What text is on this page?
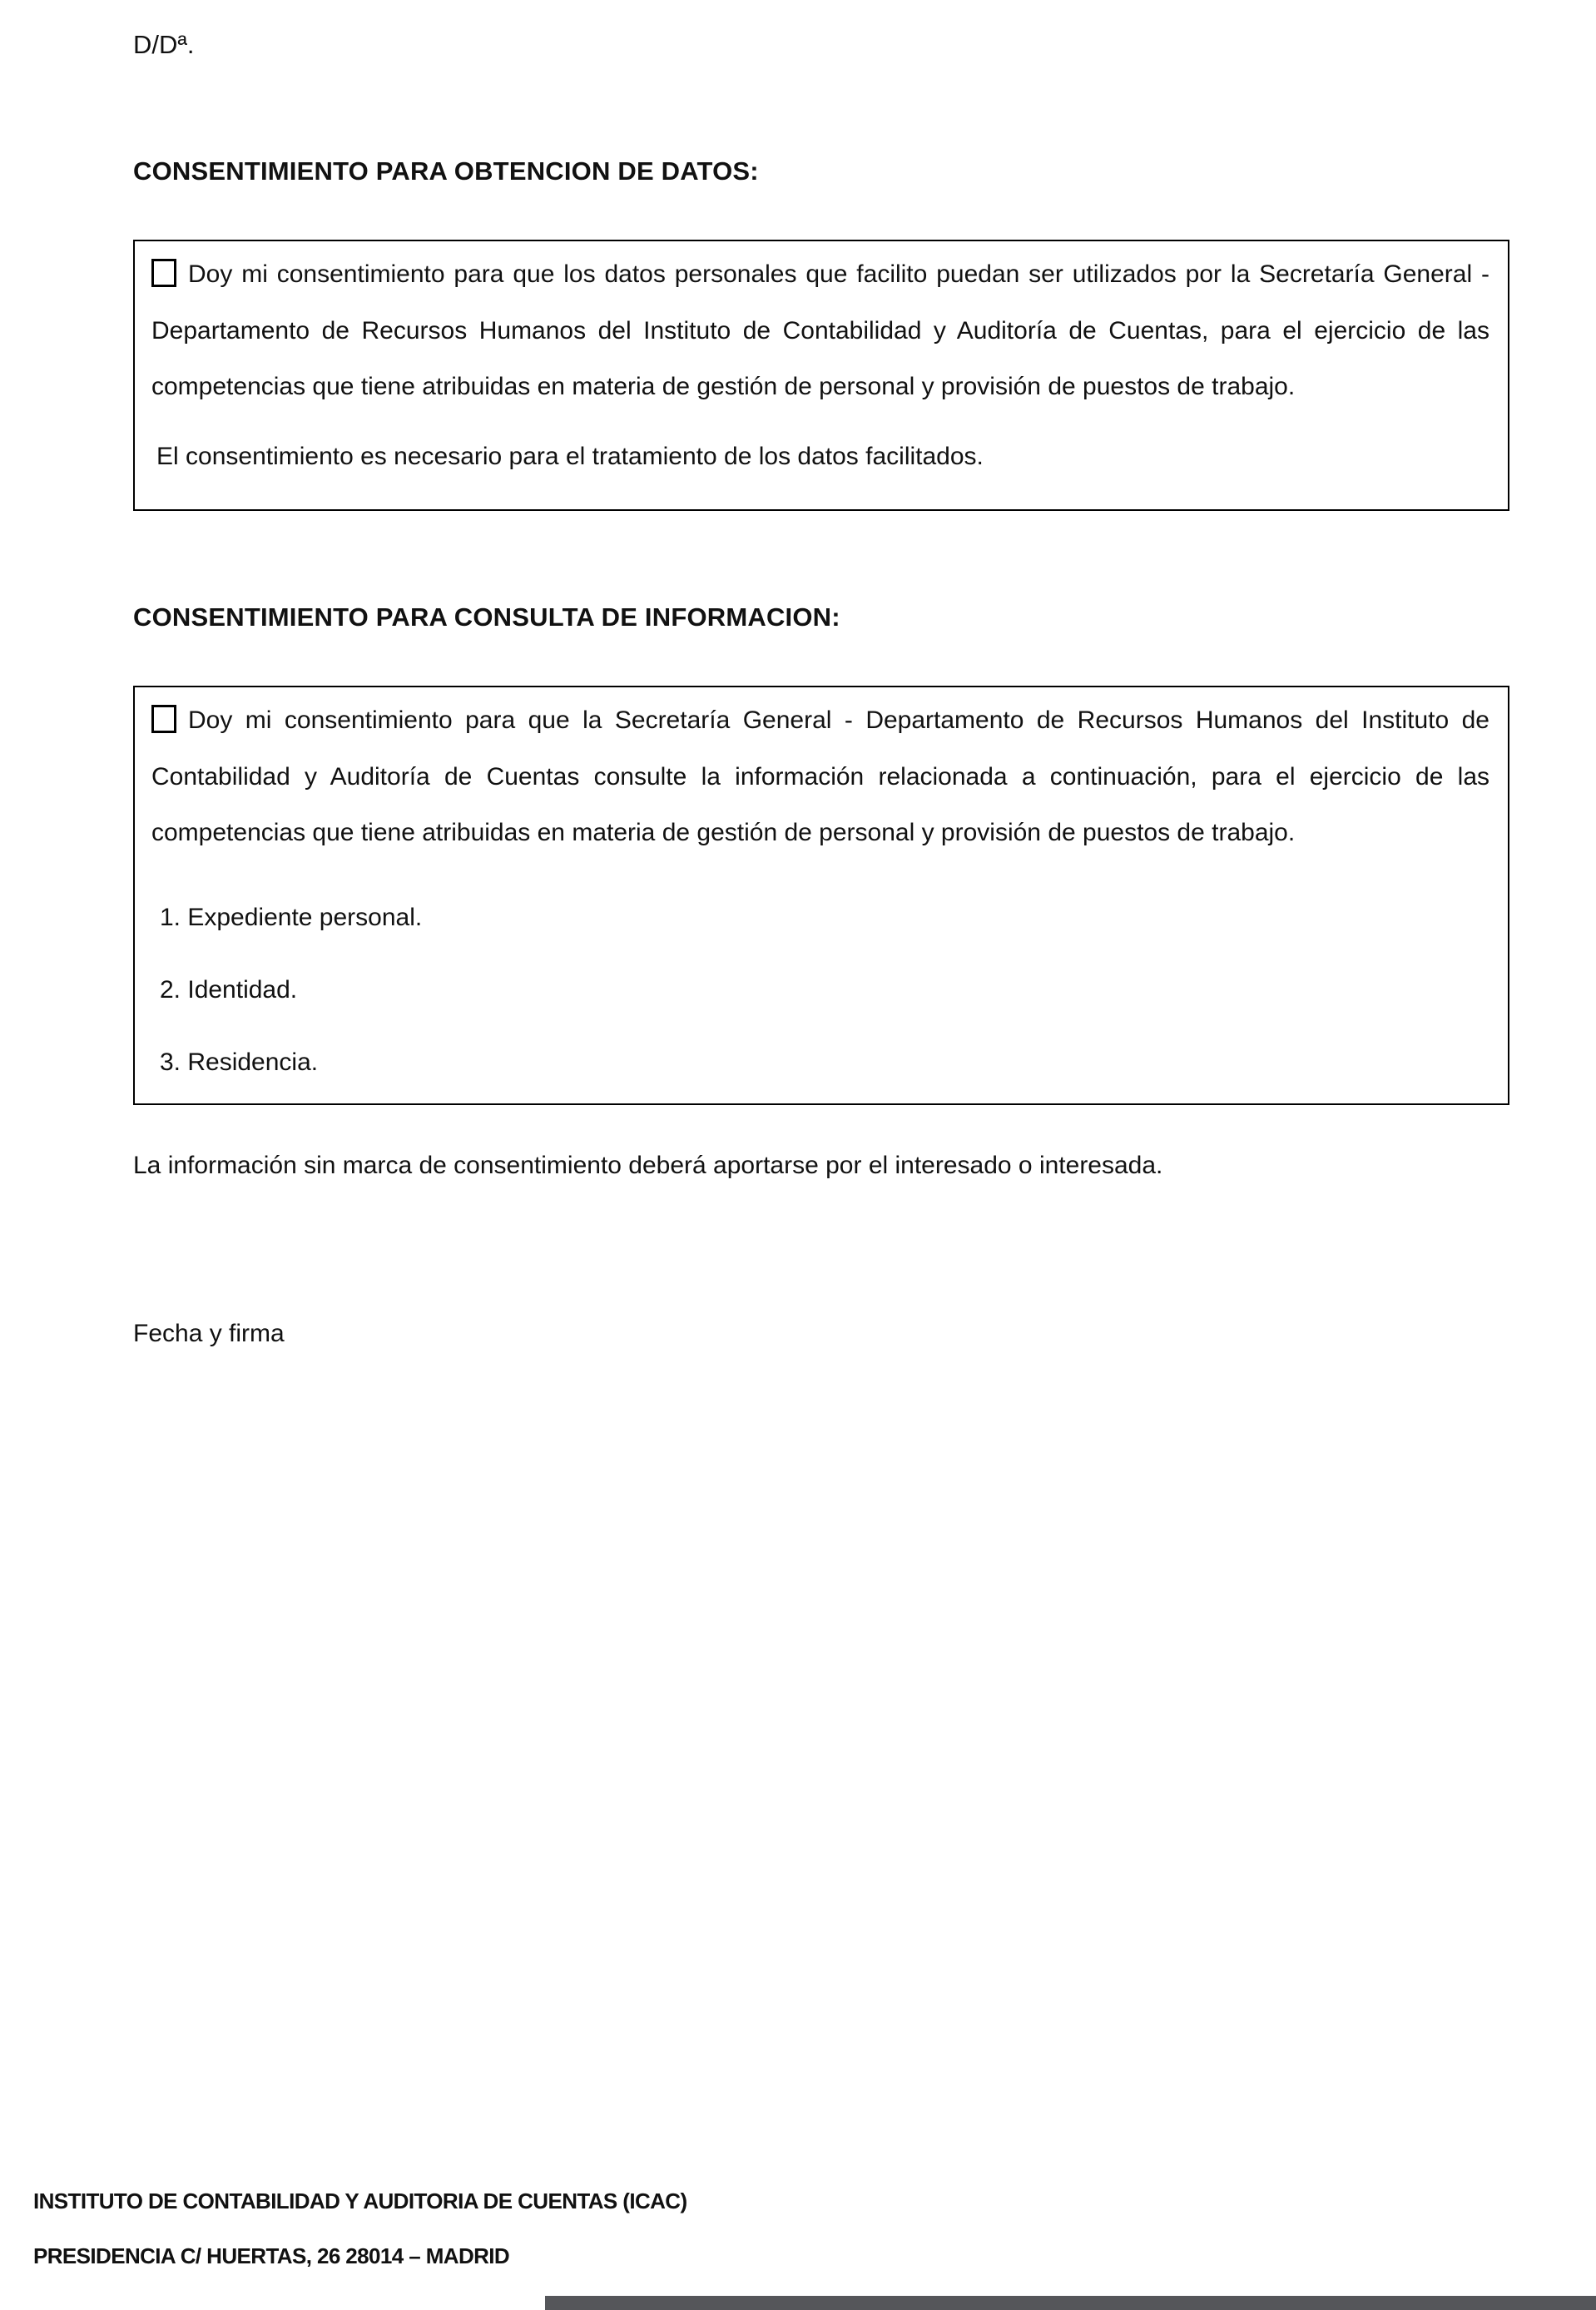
D/Dª.

CONSENTIMIENTO PARA OBTENCION DE DATOS:

Doy mi consentimiento para que los datos personales que facilito puedan ser utilizados por la Secretaría General - Departamento de Recursos Humanos del Instituto de Contabilidad y Auditoría de Cuentas, para el ejercicio de las competencias que tiene atribuidas en materia de gestión de personal y provisión de puestos de trabajo.

El consentimiento es necesario para el tratamiento de los datos facilitados.

CONSENTIMIENTO PARA CONSULTA DE INFORMACION:

Doy mi consentimiento para que la Secretaría General - Departamento de Recursos Humanos del Instituto de Contabilidad y Auditoría de Cuentas consulte la información relacionada a continuación, para el ejercicio de las competencias que tiene atribuidas en materia de gestión de personal y provisión de puestos de trabajo.

1. Expediente personal.

2. Identidad.

3. Residencia.

La información sin marca de consentimiento deberá aportarse por el interesado o interesada.

Fecha y firma

INSTITUTO DE CONTABILIDAD Y AUDITORIA DE CUENTAS (ICAC)

PRESIDENCIA C/ HUERTAS, 26 28014 – MADRID
